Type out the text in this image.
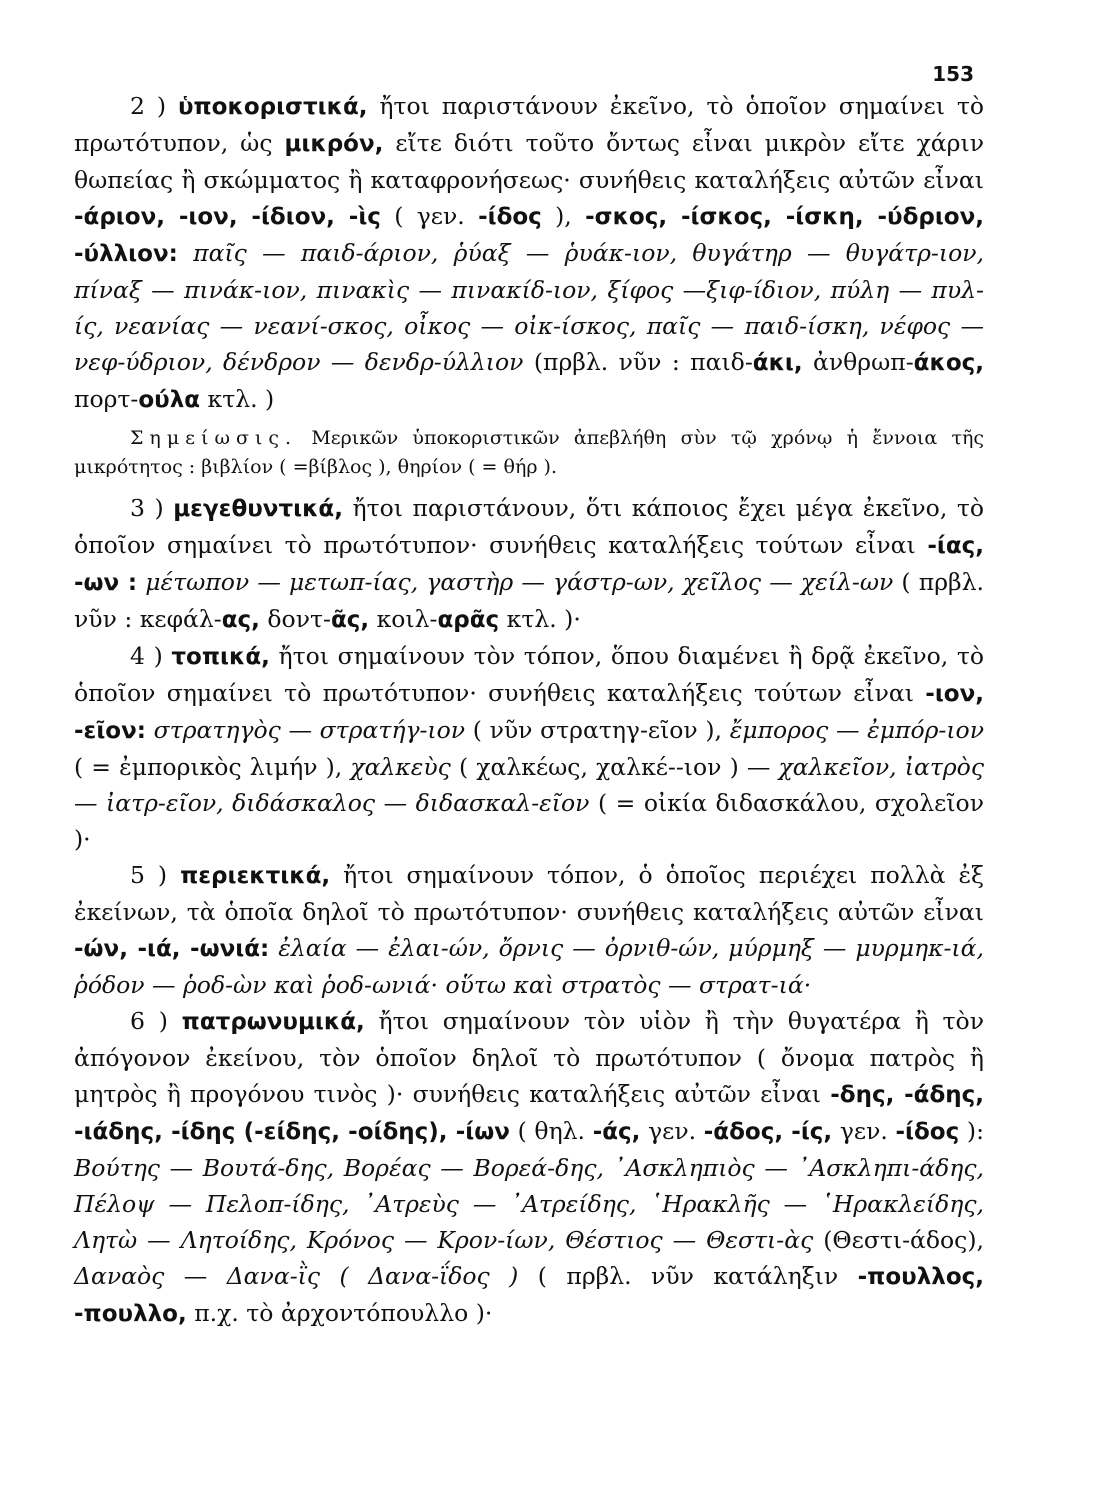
153

2 ) ὑποκοριστικά, ἤτοι παριστάνουν ἐκεῖνο, τὸ ὁποῖον σημαίνει τὸ πρωτότυπον, ὡς μικρόν, εἴτε διότι τοῦτο ὄντως εἶναι μικρὸν εἴτε χάριν θωπείας ἢ σκώμματος ἢ καταφρονήσεως· συνήθεις καταλήξεις αὐτῶν εἶναι -άριον, -ιον, -ίδιον, -ὶς ( γεν. -ίδος ), -σκος, -ίσκος, -ίσκη, -ύδριον, -ύλλιον: παῖς — παιδ-άριον, ῥύαξ — ῥυάκ-ιον, θυγάτηρ — θυγάτρ-ιον, πίναξ — πινάκ-ιον, πινακὶς — πινακίδ-ιον, ξίφος —ξιφ-ίδιον, πύλη — πυλ-ίς, νεανίας — νεανί-σκος, οἶκος — οἰκ-ίσκος, παῖς — παιδ-ίσκη, νέφος — νεφ-ύδριον, δένδρον — δενδρ-ύλλιον (πρβλ. νῦν : παιδ-άκι, ἀνθρωπ-άκος, πορτ-ούλα κτλ. )

Σημείωσις. Μερικῶν ὑποκοριστικῶν ἀπεβλήθη σὺν τῷ χρόνῳ ἡ ἔννοια τῆς μικρότητος : βιβλίον ( =βίβλος ), θηρίον ( = θήρ ).

3 ) μεγεθυντικά, ἤτοι παριστάνουν, ὅτι κάποιος ἔχει μέγα ἐκεῖνο, τὸ ὁποῖον σημαίνει τὸ πρωτότυπον· συνήθεις καταλήξεις τούτων εἶναι -ίας, -ων : μέτωπον — μετωπ-ίας, γαστὴρ — γάστρ-ων, χεῖλος — χείλ-ων ( πρβλ. νῦν : κεφάλ-ας, δοντ-ᾶς, κοιλ-αρᾶς κτλ. )·

4 ) τοπικά, ἤτοι σημαίνουν τὸν τόπον, ὅπου διαμένει ἢ δρᾷ ἐκεῖνο, τὸ ὁποῖον σημαίνει τὸ πρωτότυπον· συνήθεις καταλήξεις τούτων εἶναι -ιον, -εῖον: στρατηγὸς — στρατήγ-ιον ( νῦν στρατηγ-εῖον ), ἔμπορος — ἐμπόρ-ιον ( = ἐμπορικὸς λιμήν ), χαλκεὺς ( χαλκέως, χαλκέ--ιον ) — χαλκεῖον, ἰατρὸς — ἰατρ-εῖον, διδάσκαλος — διδασκαλ-εῖον ( = οἰκία διδασκάλου, σχολεῖον )·

5 ) περιεκτικά, ἤτοι σημαίνουν τόπον, ὁ ὁποῖος περιέχει πολλὰ ἐξ ἐκείνων, τὰ ὁποῖα δηλοῖ τὸ πρωτότυπον· συνήθεις καταλήξεις αὐτῶν εἶναι -ών, -ιά, -ωνιά: ἐλαία — ἐλαι-ών, ὄρνις — ὀρνιθ-ών, μύρμηξ — μυρμηκ-ιά, ῥόδον — ῥοδ-ὼν καὶ ῥοδ-ωνιά· οὕτω καὶ στρατὸς — στρατ-ιά·

6 ) πατρωνυμικά, ἤτοι σημαίνουν τὸν υἱὸν ἢ τὴν θυγατέρα ἢ τὸν ἀπόγονον ἐκείνου, τὸν ὁποῖον δηλοῖ τὸ πρωτότυπον ( ὄνομα πατρὸς ἢ μητρὸς ἢ προγόνου τινὸς )· συνήθεις καταλήξεις αὐτῶν εἶναι -δης, -άδης, -ιάδης, -ίδης (-είδης, -οίδης), -ίων ( θηλ. -άς, γεν. -άδος, -ίς, γεν. -ίδος ): Βούτης — Βουτά-δης, Βορέας — Βορεά-δης, ᾿Ασκληπιὸς — ᾿Ασκληπι-άδης, Πέλοψ — Πελοπ-ίδης, ᾿Ατρεὺς — ᾿Ατρείδης, ῾Ηρακλῆς — ῾Ηρακλείδης, Λητὼ — Λητοίδης, Κρόνος — Κρον-ίων, Θέστιος — Θεστι-ὰς (Θεστι-άδος), Δαναὸς — Δανα-ῒς ( Δανα-ΐδος ) ( πρβλ. νῦν κατάληξιν -πουλλος, -πουλλο, π.χ. τὸ ἀρχοντόπουλλο )·
